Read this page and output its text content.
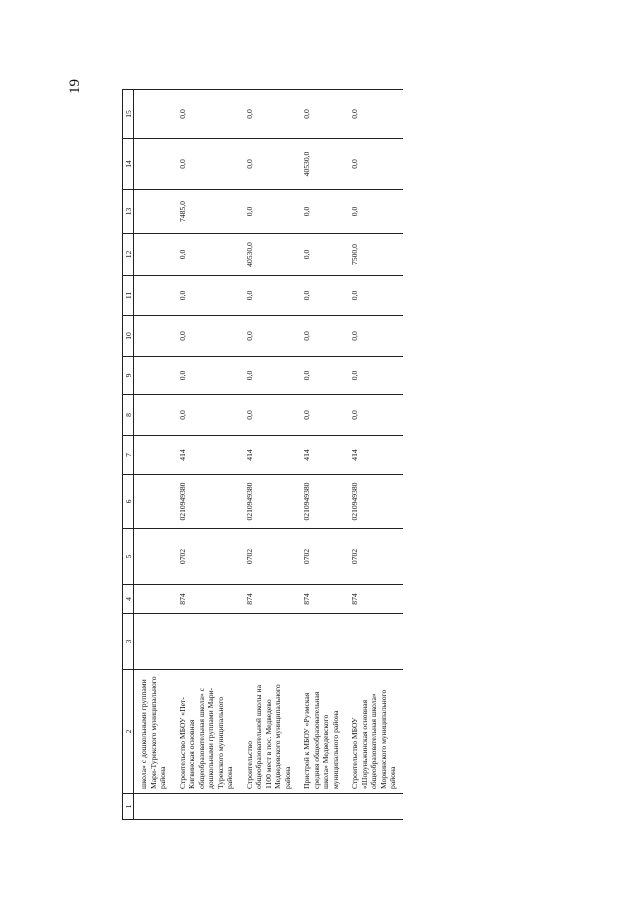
19
1	2	3	4	5	6	7	8	9	10	11	12	13	14	15
	школа» с дошкольными группами Мари-Турекского муниципального района													
	Строительство МБОУ «Пет-Кигвинская основная общеобразовательная школа» с дошкольными группами Мари-Турекского муниципального района		874	0702	0210949380	414	0,0	0,0	0,0	0,0	0,0	7485,0	0,0	0,0
	Строительство общеобразовательной школы на 1100 мест в пос. Медведево Медведевского муниципального района		874	0702	0210949380	414	0,0	0,0	0,0	0,0	40530,0	0,0	0,0	0,0
	Пристрой к МБОУ «Руэмская средняя общеобразовательная школа» Медведевского муниципального района		874	0702	0210949380	414	0,0	0,0	0,0	0,0	0,0	0,0	40530,0	0,0
	Строительство МБОУ «Шоруньжинская основная общеобразовательная школа» Моркинского муниципального района		874	0702	0210949380	414	0,0	0,0	0,0	0,0	7500,0	0,0	0,0	0,0
